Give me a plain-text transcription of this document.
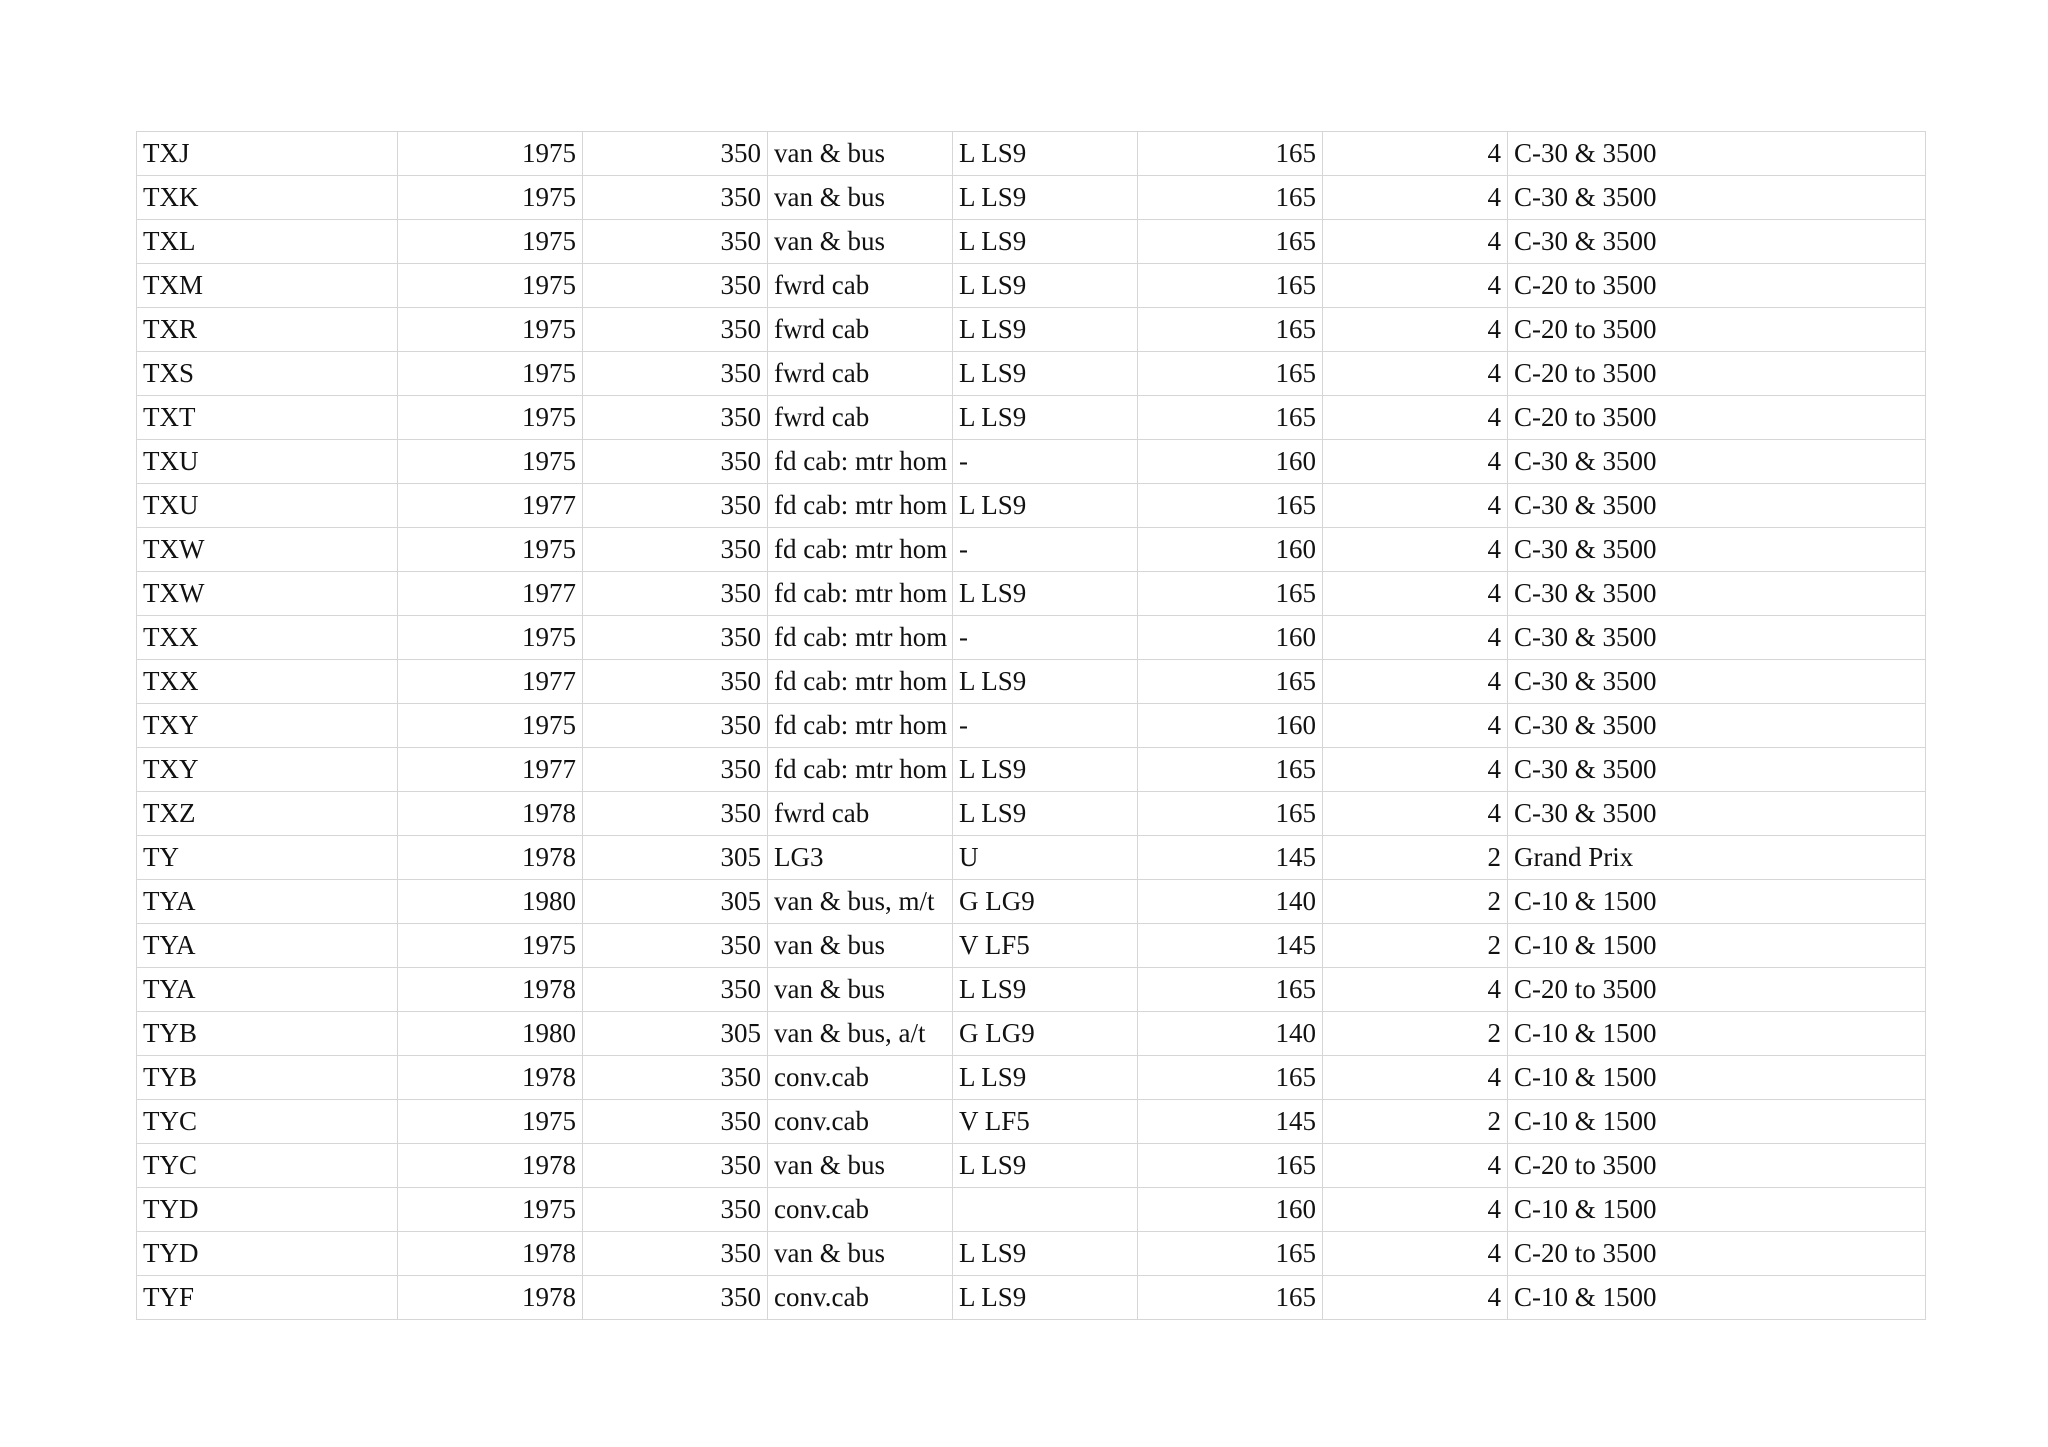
TXJ	1975	350	van & bus	L LS9	165	4	C-30 & 3500
TXK	1975	350	van & bus	L LS9	165	4	C-30 & 3500
TXL	1975	350	van & bus	L LS9	165	4	C-30 & 3500
TXM	1975	350	fwrd cab	L LS9	165	4	C-20 to 3500
TXR	1975	350	fwrd cab	L LS9	165	4	C-20 to 3500
TXS	1975	350	fwrd cab	L LS9	165	4	C-20 to 3500
TXT	1975	350	fwrd cab	L LS9	165	4	C-20 to 3500
TXU	1975	350	fd cab: mtr hom	-	160	4	C-30 & 3500
TXU	1977	350	fd cab: mtr hom	L LS9	165	4	C-30 & 3500
TXW	1975	350	fd cab: mtr hom	-	160	4	C-30 & 3500
TXW	1977	350	fd cab: mtr hom	L LS9	165	4	C-30 & 3500
TXX	1975	350	fd cab: mtr hom	-	160	4	C-30 & 3500
TXX	1977	350	fd cab: mtr hom	L LS9	165	4	C-30 & 3500
TXY	1975	350	fd cab: mtr hom	-	160	4	C-30 & 3500
TXY	1977	350	fd cab: mtr hom	L LS9	165	4	C-30 & 3500
TXZ	1978	350	fwrd cab	L LS9	165	4	C-30 & 3500
TY	1978	305	LG3	U	145	2	Grand Prix
TYA	1980	305	van & bus, m/t	G LG9	140	2	C-10 & 1500
TYA	1975	350	van & bus	V LF5	145	2	C-10 & 1500
TYA	1978	350	van & bus	L LS9	165	4	C-20 to 3500
TYB	1980	305	van & bus, a/t	G LG9	140	2	C-10 & 1500
TYB	1978	350	conv.cab	L LS9	165	4	C-10 & 1500
TYC	1975	350	conv.cab	V LF5	145	2	C-10 & 1500
TYC	1978	350	van & bus	L LS9	165	4	C-20 to 3500
TYD	1975	350	conv.cab		160	4	C-10 & 1500
TYD	1978	350	van & bus	L LS9	165	4	C-20 to 3500
TYF	1978	350	conv.cab	L LS9	165	4	C-10 & 1500
